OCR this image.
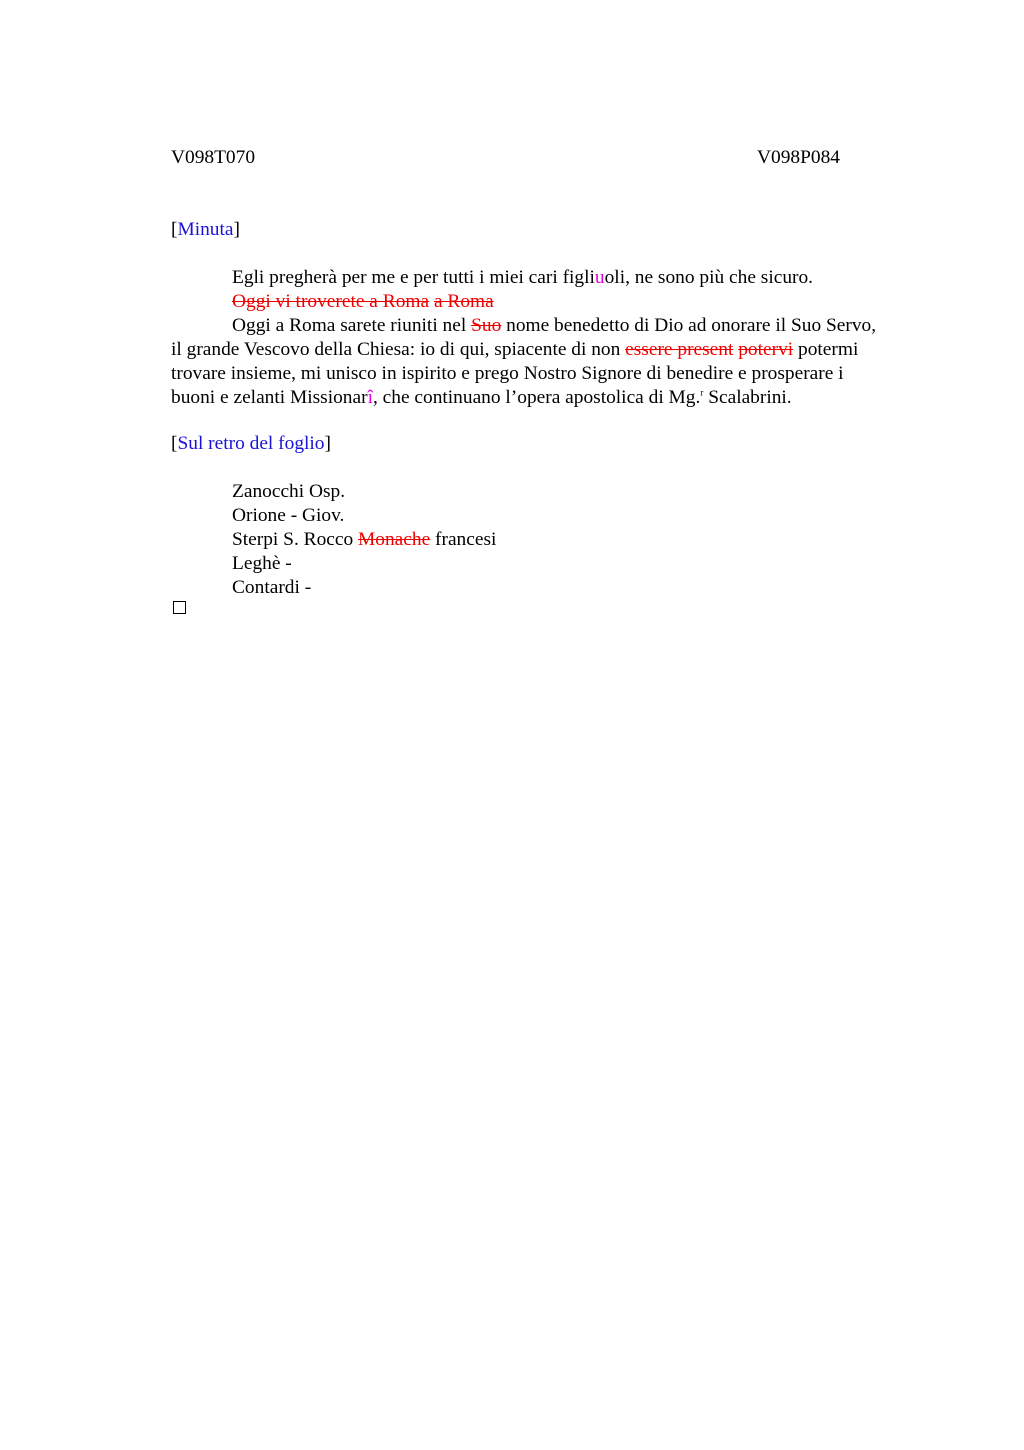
V098T070	V098P084
[Minuta]
Egli pregherà per me e per tutti i miei cari figliuoli, ne sono più che sicuro.
Oggi vi troverete a Roma a Roma
Oggi a Roma sarete riuniti nel Suo nome benedetto di Dio ad onorare il Suo Servo,
il grande Vescovo della Chiesa: io di qui, spiacente di non essere present potervi potermi
trovare insieme, mi unisco in ispirito e prego Nostro Signore di benedire e prosperare i
buoni e zelanti Missionarî, che continuano l’opera apostolica di Mg.$^r$ Scalabrini.
[Sul retro del foglio]
Zanocchi Osp.
Orione - Giov.
Sterpi S. Rocco Monache francesi
Leghè -
Contardi -
